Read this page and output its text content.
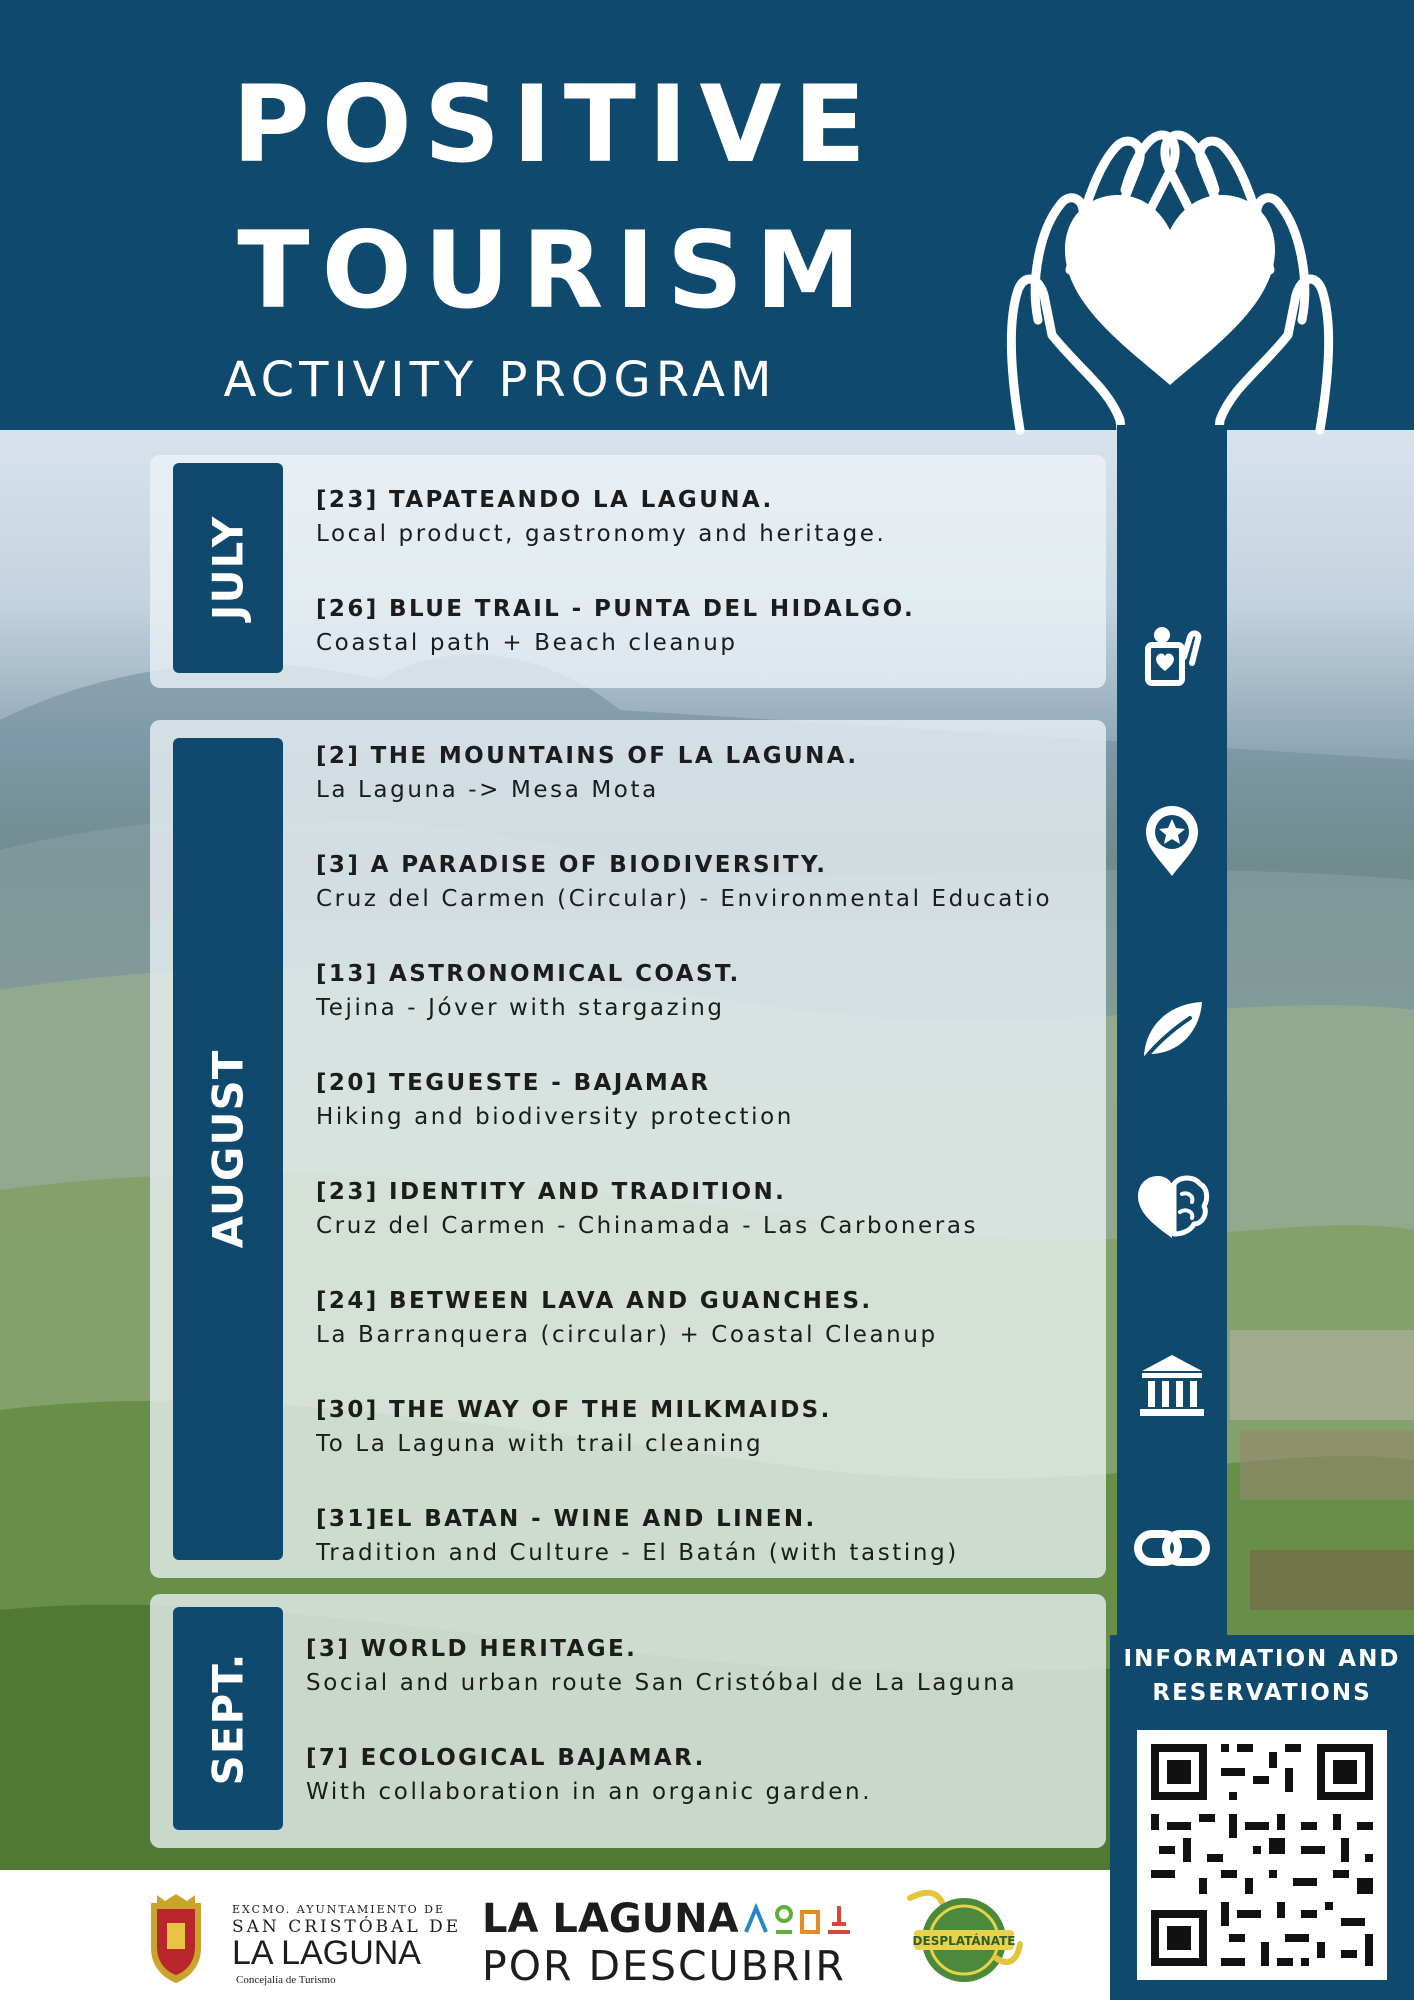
POSITIVE
TOURISM
ACTIVITY PROGRAM
JULY
[23] TAPATEANDO LA LAGUNA.
Local product, gastronomy and heritage.
[26] BLUE TRAIL - PUNTA DEL HIDALGO.
Coastal path + Beach cleanup
AUGUST
[2] THE MOUNTAINS OF LA LAGUNA.
La Laguna -> Mesa Mota
[3] A PARADISE OF BIODIVERSITY.
Cruz del Carmen (Circular) - Environmental Educatio
[13] ASTRONOMICAL COAST.
Tejina - Jóver with stargazing
[20] TEGUESTE - BAJAMAR
Hiking and biodiversity protection
[23] IDENTITY AND TRADITION.
Cruz del Carmen - Chinamada - Las Carboneras
[24] BETWEEN LAVA AND GUANCHES.
La Barranquera (circular) + Coastal Cleanup
[30] THE WAY OF THE MILKMAIDS.
To La Laguna with trail cleaning
[31]EL BATAN - WINE AND LINEN.
Tradition and Culture - El Batán (with tasting)
SEPT.
[3] WORLD HERITAGE.
Social and urban route San Cristóbal de La Laguna
[7] ECOLOGICAL BAJAMAR.
With collaboration in an organic garden.
INFORMATION AND
RESERVATIONS
EXCMO. AYUNTAMIENTO DE
SAN CRISTÓBAL DE
LA LAGUNA
Concejalía de Turismo
LA LAGUNA
POR DESCUBRIR
DESPLATÁNATE
